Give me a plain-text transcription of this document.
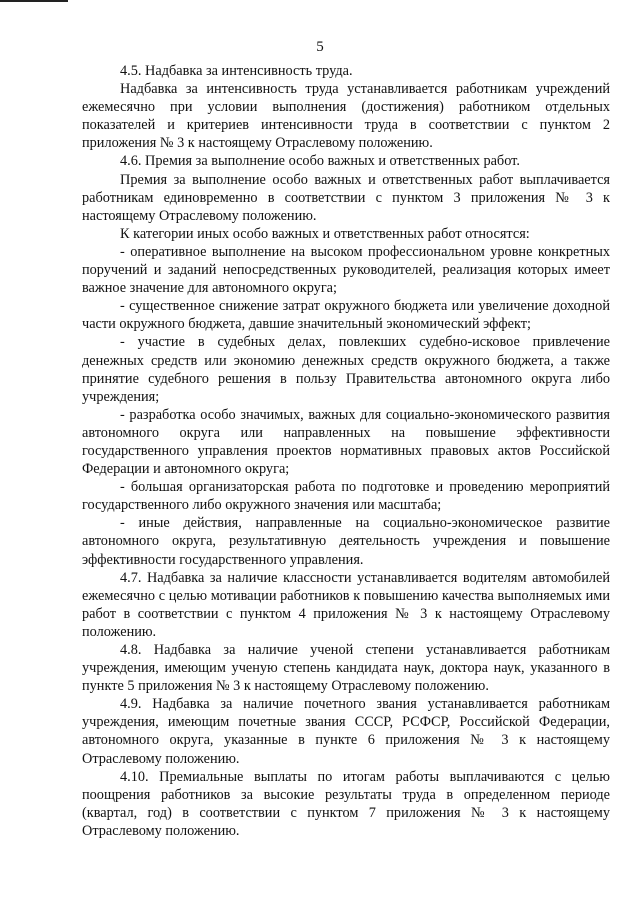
5

4.5. Надбавка за интенсивность труда.

Надбавка за интенсивность труда устанавливается работникам учреждений ежемесячно при условии выполнения (достижения) работником отдельных показателей и критериев интенсивности труда в соответствии с пунктом 2 приложения № 3 к настоящему Отраслевому положению.

4.6. Премия за выполнение особо важных и ответственных работ.

Премия за выполнение особо важных и ответственных работ выплачивается работникам единовременно в соответствии с пунктом 3 приложения № 3 к настоящему Отраслевому положению.

К категории иных особо важных и ответственных работ относятся:

- оперативное выполнение на высоком профессиональном уровне конкретных поручений и заданий непосредственных руководителей, реализация которых имеет важное значение для автономного округа;

- существенное снижение затрат окружного бюджета или увеличение доходной части окружного бюджета, давшие значительный экономический эффект;

- участие в судебных делах, повлекших судебно-исковое привлечение денежных средств или экономию денежных средств окружного бюджета, а также принятие судебного решения в пользу Правительства автономного округа либо учреждения;

- разработка особо значимых, важных для социально-экономического развития автономного округа или направленных на повышение эффективности государственного управления проектов нормативных правовых актов Российской Федерации и автономного округа;

- большая организаторская работа по подготовке и проведению мероприятий государственного либо окружного значения или масштаба;

- иные действия, направленные на социально-экономическое развитие автономного округа, результативную деятельность учреждения и повышение эффективности государственного управления.

4.7. Надбавка за наличие классности устанавливается водителям автомобилей ежемесячно с целью мотивации работников к повышению качества выполняемых ими работ в соответствии с пунктом 4 приложения № 3 к настоящему Отраслевому положению.

4.8. Надбавка за наличие ученой степени устанавливается работникам учреждения, имеющим ученую степень кандидата наук, доктора наук, указанного в пункте 5 приложения № 3 к настоящему Отраслевому положению.

4.9. Надбавка за наличие почетного звания устанавливается работникам учреждения, имеющим почетные звания СССР, РСФСР, Российской Федерации, автономного округа, указанные в пункте 6 приложения № 3 к настоящему Отраслевому положению.

4.10. Премиальные выплаты по итогам работы выплачиваются с целью поощрения работников за высокие результаты труда в определенном периоде (квартал, год) в соответствии с пунктом 7 приложения № 3 к настоящему Отраслевому положению.
